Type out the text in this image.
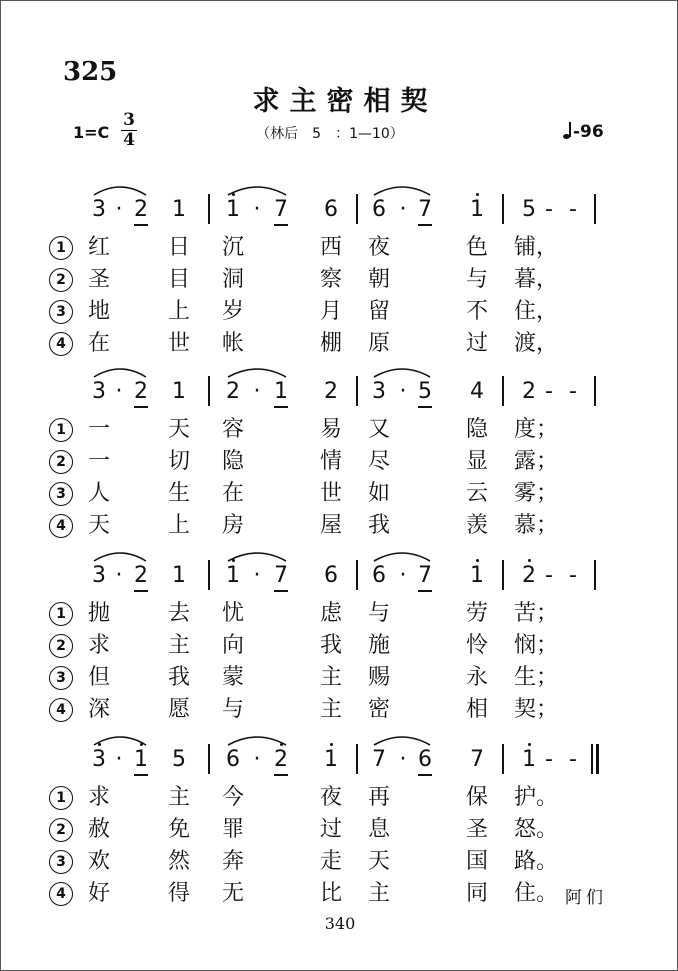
325
求主密相契
1=C
3
4	（林后　5　：1—10）	-96
3 · 2 1 1 · 7 6 6 · 7 1 5 - -
1	红	日 沉	西 夜	色 铺，
2	圣	目 洞	察 朝	与 暮，
3	地	上 岁	月 留	不 住，
4	在	世 帐	棚 原	过 渡，
3 · 2 1 2 · 1 2 3 · 5 4 2 - -
1	一	天 容	易 又	隐 度；
2	一	切 隐	情 尽	显 露；
3	人	生 在	世 如	云 雾；
4	天	上 房	屋 我	羡 慕；
3 · 2 1 1 · 7 6 6 · 7 1 2 - -
1	抛	去 忧	虑 与	劳 苦；
2	求	主 向	我 施	怜 悯；
3	但	我 蒙	主 赐	永 生；
4	深	愿 与	主 密	相 契；
3 · 1 5 6 · 2 1 7 · 6 7 1 - -
1	求	主 今	夜 再	保 护。
2	赦	免 罪	过 息	圣 怒。
3	欢	然 奔	走 天	国 路。
4	好	得 无	比 主	同 住。 阿们
340
